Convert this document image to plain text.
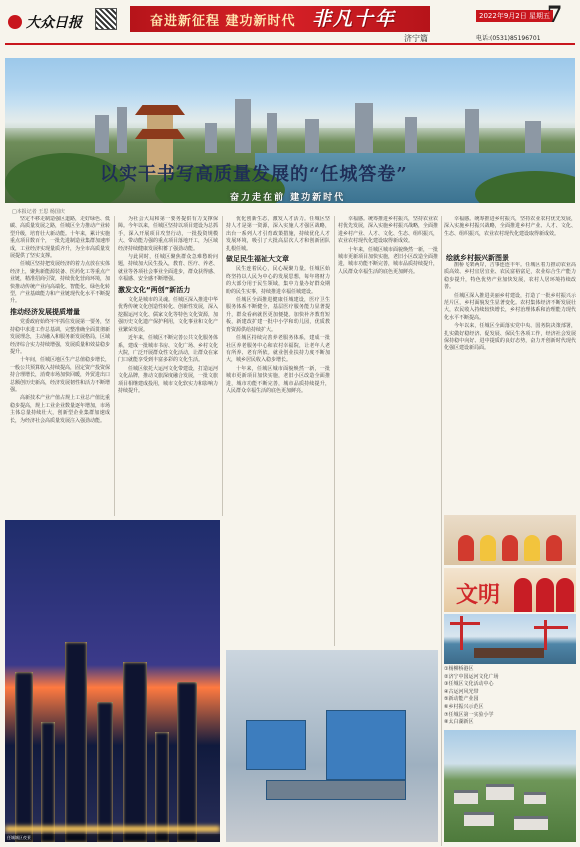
大众日报	奋进新征程 建功新时代 非凡十年
济宁篇
2022年9月2日 星期五
7
电话:(0531)85196701
奋力走在前 建功新时代
以实干书写高质量发展的“任城答卷”
□本报记者 王思 杨国庆

坚定不移走制造强区道路，走好绿色、低碳、高质量发展之路，任城区全力推动产业转型升级，培育壮大新动能。十年来，累计实施重点项目数百个，一批先进制造业集群加速形成，工业经济实现量质齐升，为全市高质量发展提供了坚实支撑。

任城区坚持把发展经济的着力点放在实体经济上，聚焦新能源装备、医药化工等重点产业链，精准招商引资，持续优化营商环境，加快推动传统产业向高端化、智能化、绿色化转型，产业基础能力和产业链现代化水平不断提升。

推动经济发展提质增量

党委政府始终牢牢抓住发展第一要务，坚持稳中求进工作总基调，完整准确全面贯彻新发展理念，主动融入和服务新发展格局，区域经济综合实力持续增强，发展质量和效益稳步提升。

十年间，任城区地区生产总值稳步增长，一般公共预算收入持续提高，固定资产投资保持合理增长，消费市场加快回暖，外贸进出口总额创历史新高，经济发展韧性和活力不断增强。

高新技术产业产值占规上工业总产值比重稳步提高，规上工业企业数量逐年增加，市场主体总量持续壮大，创新型企业集群加速成长，为经济社会高质量发展注入强劲动能。

为社会大局和第一要务提供有力支撑保障。今年以来，任城区坚持以项目建设为总抓手，深入开展项目攻坚行动，一批投资规模大、带动能力强的重点项目落地开工，为区域经济持续健康发展积蓄了强劲动能。

与此同时，任城区聚焦群众急难愁盼问题，持续加大民生投入，教育、医疗、养老、就业等各项社会事业全面进步，群众获得感、幸福感、安全感不断增强。

激发文化“两创”新活力

文化是城市的灵魂。任城区深入推进中华优秀传统文化创造性转化、创新性发展，深入挖掘运河文化、儒家文化等特色文化资源，加强历史文化遗产保护利用，文化事业和文化产业繁荣发展。

近年来，任城区不断完善公共文化服务体系，建成一批城市书房、文化广场、乡村文化大院，广泛开展群众性文化活动，让群众在家门口就能享受到丰富多彩的文化生活。

任城区依托大运河文化带建设，打造运河文化品牌，推动文旅深度融合发展，一批文旅项目相继建成投用，城市文化软实力和影响力持续提升。

优化创新生态，激发人才活力。任城区坚持人才是第一资源，深入实施人才强区战略，出台一系列人才引育政策措施，持续优化人才发展环境，吸引了大批高层次人才和创新团队扎根任城。

做足民生福祉大文章

民生连着民心，民心凝聚力量。任城区始终坚持以人民为中心的发展思想，每年将财力的大部分用于民生领域，集中力量办好群众期盼的民生实事，持续推进幸福任城建设。

任城区全面推进健康任城建设，医疗卫生服务体系不断健全，基层医疗服务能力显著提升，群众看病就医更加便捷。加快补齐教育短板，新建改扩建一批中小学和幼儿园，优质教育资源供给持续扩大。

任城区持续完善养老服务体系，建成一批社区养老服务中心和农村幸福院，让老年人老有所养、老有所依。就业创业扶持力度不断加大，城乡居民收入稳步增长。

十年来，任城区城市面貌焕然一新，一批城市更新项目加快实施，老旧小区改造全面推进，城市功能不断完善，城市品质持续提升，人民群众幸福生活的底色更加鲜亮。

幸福感。统筹推进乡村振兴，坚持农业农村优先发展，深入实施乡村振兴战略，全面推进乡村产业、人才、文化、生态、组织振兴，农业农村现代化建设取得新成效。

十年来，任城区城市面貌焕然一新，一批城市更新项目加快实施，老旧小区改造全面推进，城市功能不断完善，城市品质持续提升，人民群众幸福生活的底色更加鲜亮。

幸福感。统筹推进乡村振兴，坚持农业农村优先发展，深入实施乡村振兴战略，全面推进乡村产业、人才、文化、生态、组织振兴，农业农村现代化建设取得新成效。

绘就乡村振兴新图景

鹊桥飞架两岸，吉事连连丰年。任城区着力推动农业高质高效、乡村宜居宜业、农民富裕富足，农业综合生产能力稳步提升，特色优势产业加快发展，农村人居环境持续改善。

任城区深入推进美丽乡村建设，打造了一批乡村振兴示范片区，乡村面貌发生显著变化。农村集体经济不断发展壮大，农民收入持续较快增长，乡村治理体系和治理能力现代化水平不断提高。

今年以来，任城区全面落实党中央、国务院决策部署，扎实做好稳经济、促发展、保民生各项工作，经济社会发展保持稳中向好、进中提质的良好态势，奋力开创新时代现代化强区建设新局面。

任城城区夜景
文明
①杨柳桥港区
②济宁中国运河文化广场
③任城区文化活动中心
④古运河风光带
⑤新动能产业园
⑥乡村振兴示范区
⑦任城区第一实验小学
⑧太白湖新区
